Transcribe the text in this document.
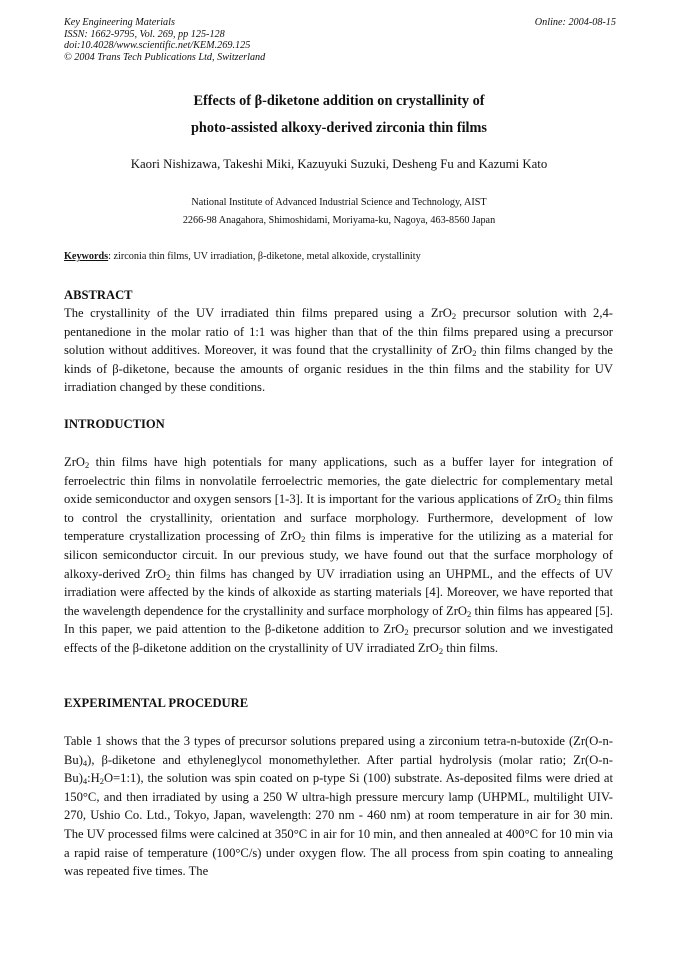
Key Engineering Materials
ISSN: 1662-9795, Vol. 269, pp 125-128
doi:10.4028/www.scientific.net/KEM.269.125
© 2004 Trans Tech Publications Ltd, Switzerland
Online: 2004-08-15
Effects of β-diketone addition on crystallinity of
photo-assisted alkoxy-derived zirconia thin films
Kaori Nishizawa, Takeshi Miki, Kazuyuki Suzuki, Desheng Fu and Kazumi Kato
National Institute of Advanced Industrial Science and Technology, AIST
2266-98 Anagahora, Shimoshidami, Moriyama-ku, Nagoya, 463-8560 Japan
Keywords: zirconia thin films, UV irradiation, β-diketone, metal alkoxide, crystallinity
ABSTRACT
The crystallinity of the UV irradiated thin films prepared using a ZrO$_2$ precursor solution with 2,4-pentanedione in the molar ratio of 1:1 was higher than that of the thin films prepared using a precursor solution without additives. Moreover, it was found that the crystallinity of ZrO$_2$ thin films changed by the kinds of β-diketone, because the amounts of organic residues in the thin films and the stability for UV irradiation changed by these conditions.
INTRODUCTION
ZrO$_2$ thin films have high potentials for many applications, such as a buffer layer for integration of ferroelectric thin films in nonvolatile ferroelectric memories, the gate dielectric for complementary metal oxide semiconductor and oxygen sensors [1-3]. It is important for the various applications of ZrO$_2$ thin films to control the crystallinity, orientation and surface morphology. Furthermore, development of low temperature crystallization processing of ZrO$_2$ thin films is imperative for the utilizing as a material for silicon semiconductor circuit. In our previous study, we have found out that the surface morphology of alkoxy-derived ZrO$_2$ thin films has changed by UV irradiation using an UHPML, and the effects of UV irradiation were affected by the kinds of alkoxide as starting materials [4]. Moreover, we have reported that the wavelength dependence for the crystallinity and surface morphology of ZrO$_2$ thin films has appeared [5]. In this paper, we paid attention to the β-diketone addition to ZrO$_2$ precursor solution and we investigated effects of the β-diketone addition on the crystallinity of UV irradiated ZrO$_2$ thin films.
EXPERIMENTAL PROCEDURE
Table 1 shows that the 3 types of precursor solutions prepared using a zirconium tetra-n-butoxide $(Zr(O-n-Bu)_4)$, β-diketone and ethyleneglycol monomethylether. After partial hydrolysis (molar ratio; $Zr(O-n-Bu)_4:H_2O=1:1$), the solution was spin coated on p-type Si (100) substrate. As-deposited films were dried at 150°C, and then irradiated by using a 250 W ultra-high pressure mercury lamp (UHPML, multilight UIV-270, Ushio Co. Ltd., Tokyo, Japan, wavelength: 270 nm - 460 nm) at room temperature in air for 30 min. The UV processed films were calcined at 350°C in air for 10 min, and then annealed at 400°C for 10 min via a rapid raise of temperature (100°C/s) under oxygen flow. The all process from spin coating to annealing was repeated five times. The
